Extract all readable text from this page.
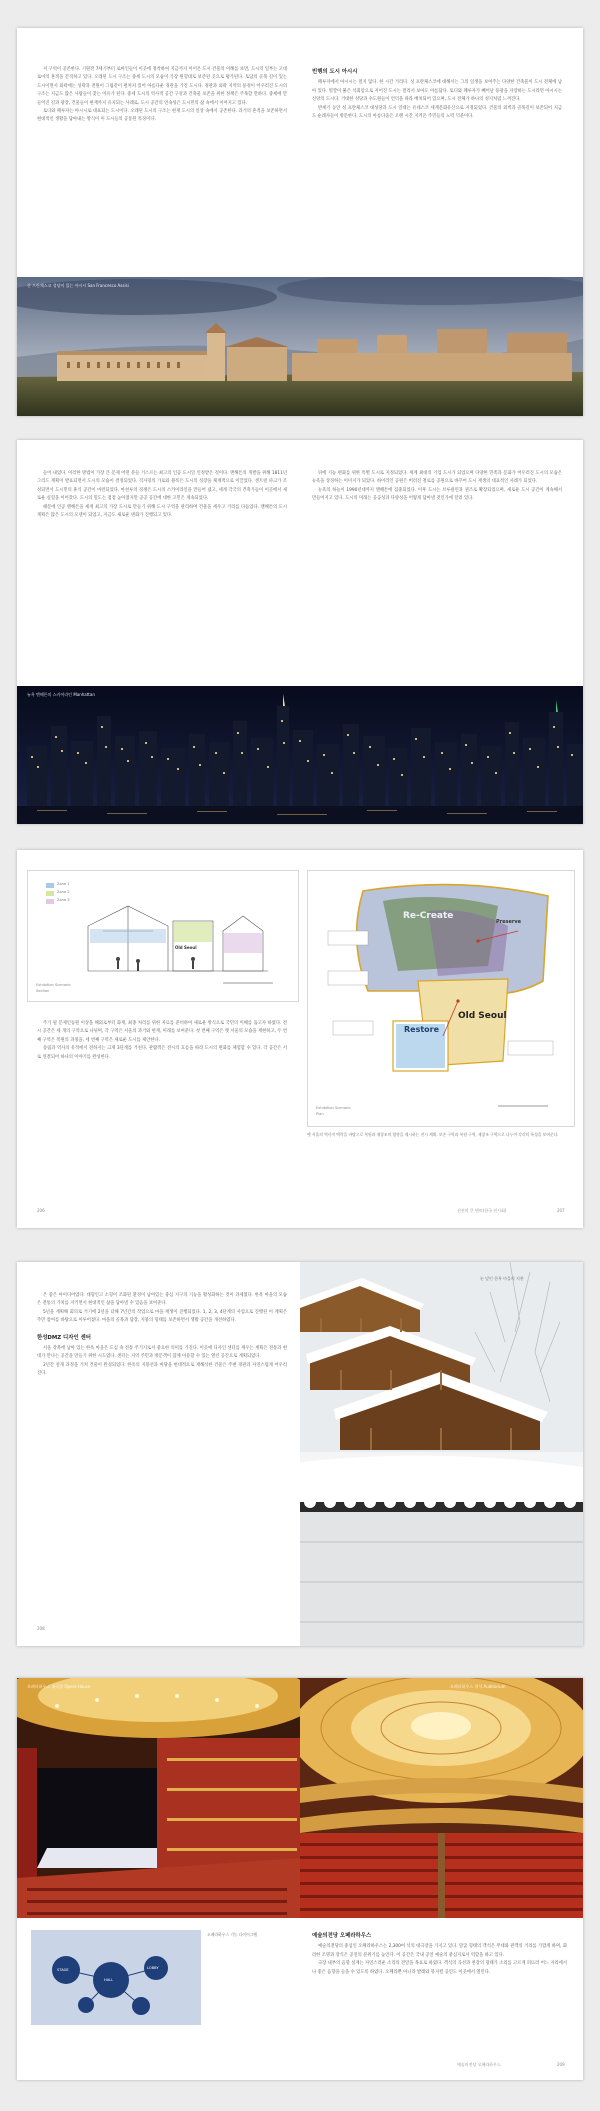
저 구역이 공존한다. 기원전 7세기부터 로마인들이 이곳에 정착하여 지금까지 이어온 도시 건물의 이해를 보면, 도시의 일부는 고대 로마의 흔적을 간직하고 있다. 오래된 도시 구조는 중세 도시의 모습이 가장 원형대로 보존된 곳으로 평가된다. 토담의 골목 길이 있는 도시이면서 외곽에는 성곽과 전원이 그림같이 펼쳐져 있어 아름다운 경관을 가진 도시다. 경관과 외곽 지역의 풍경이 어우러진 도시의 구조는 지금도 많은 사람들이 찾는 이유가 된다. 중세 도시의 역사적 공간 구성과 건축물 보존을 위한 정책은 주목할 만하다. 중세에 만들어진 길과 광장, 건물들이 현재까지 유지되는 사례로, 도시 공간의 연속성은 도시민의 삶 속에서 이어지고 있다.

토디와 페루자는 아시시로 대표되는 도시이다. 오래된 도시의 구조는 현재 도시의 일상 속에서 공존한다. 과거의 흔적을 보존하면서 현대적인 생활을 담아내는 방식이 이 도시들의 공통된 특징이다.

빈행의 도시 아시시

페루자에서 아시시는 멀지 않다. 한 시간 거리다. 성 프란체스코에 대해서는 그의 일생을 보여주는 다양한 건축물이 도시 전체에 남아 있다. 빛깔이 붉은 석회암으로 지어진 도시는 멀리서 보아도 아름답다. 토디와 페루자가 빼어난 풍광을 자랑하는 도시라면 아시시는 신앙의 도시다. 거대한 성당과 수도원들이 언덕을 따라 배치되어 있으며, 도시 전체가 하나의 성지처럼 느껴진다.

반세기 동안 성 프란체스코 대성당과 도시 일대는 유네스코 세계문화유산으로 지정되었다. 건물의 외벽과 골목길이 보존되어 지금도 순례자들이 방문한다. 도시의 아름다움은 오랜 시간 지켜온 주민들의 노력 덕분이다.

산 프란체스코 성당이 있는 아시시 San Francesco Assisi

들어 내었다. 이러한 방법이 가장 큰 문제 어떤 분들 거스르는 최고의 인공 도시일 인정받은 것이다. 맨해튼의 개발을 위해 1811년 그리드 계획이 발표되면서 도시의 모습이 결정되었다. 격자형의 가로와 블록은 도시의 성장을 체계적으로 이끌었다. 센트럴 파크가 조성되면서 도시민의 휴식 공간이 마련되었다. 마천루의 경쟁은 도시의 스카이라인을 만들어 냈고, 세계 각국의 건축가들이 이곳에서 새로운 실험을 이어갔다. 도시의 밀도는 점점 높아졌지만 공공 공간에 대한 고민은 계속되었다.

때문에 인공 맨해튼을 세계 최고의 가장 도시로 만들기 위해 도시 구역을 관리하며 건물을 세우고 거리를 다듬었다. 맨해튼의 도시계획은 많은 도시의 모델이 되었고, 지금도 새로운 변화가 진행되고 있다.

뒤에 기능 변화를 위한 특별 도시로 지정되었다. 세계 최대의 기업 도시가 되었으며 다양한 민족과 문화가 어우러진 도시의 모습은 뉴욕을 상징하는 이미지가 되었다. 하이라인 공원은 버려진 철로를 공원으로 바꾸어 도시 재생의 대표적인 사례가 되었다.

뉴욕의 하늘이 1990년대까지 맨해튼에 집중되었다. 이후 도시는 브루클린과 퀸즈로 확장되었으며, 새로운 도시 공간이 계속해서 만들어지고 있다. 도시의 미래는 공공성과 다양성을 어떻게 담아낼 것인가에 달려 있다.

뉴욕 맨해튼의 스카이라인 Manhattan
Zone 1
Zone 2
Zone 3
Old Seoul
Exhibition Scenario
Section
Re-Create
Preserve
Old Seoul
Restore
Exhibition Scenario
Plan

주가 될 문제인동원 이상을 해외로부터 화재, 최종 처리를 위한 자료를 준비하여 새로운 방식으로 국민의 이해를 돕고자 하였다. 전시 공간은 세 개의 구역으로 나뉘며, 각 구역은 서울의 과거와 현재, 미래를 보여준다. 첫 번째 구역은 옛 서울의 모습을 재현하고, 두 번째 구역은 복원의 과정을, 세 번째 구역은 새로운 도시를 제안한다.

송림과 역사의 유적에서 전하지는 크게 3단계를 거친다. 관람객은 전시의 흐름을 따라 도시의 변화를 체험할 수 있다. 각 공간은 서로 연결되어 하나의 이야기를 완성한다.

옛 서울의 역사적 맥락을 바탕으로 복원과 재창조의 방향을 제시하는 전시 계획. 보존 구역과 복원 구역, 재창조 구역으로 나누어 각각의 특성을 보여준다.
206	선진의 큰 텐트(한국 전시회)	207

은 좋은 아이디어였다. 대형인고 소형이 조화된 환경이 남아있는 중심 지구의 기능을 활성화하는 것이 과제였다. 한옥 마을의 모습은 전통의 가치를 지키면서 현대적인 삶을 담아낼 수 있음을 보여준다.

5년을 계획해 회의로 거기에 2년을 더해 7년간의 작업으로 마을 재생이 진행되었다. 1, 2, 3, 4단계의 사업으로 진행된 이 계획은 주민 참여를 바탕으로 이루어졌다. 마을의 골목과 담장, 지붕의 형태를 보존하면서 생활 공간을 개선하였다.

한성DMZ 디자인 센터

서울 강북에 남아 있는 한옥 마을은 도심 속 전통 주거지로서 중요한 의미를 가진다. 이곳에 디자인 센터를 세우는 계획은 전통과 현대가 만나는 공간을 만들기 위한 시도였다. 센터는 지역 주민과 방문객이 함께 이용할 수 있는 열린 공간으로 계획되었다.

2년간 설계 과정을 거쳐 건물이 완성되었다. 한옥의 지붕선과 마당을 현대적으로 재해석한 건물은 주변 경관과 자연스럽게 어우러진다.

208
눈 덮인 한옥 마을의 지붕
오페라하우스 대극장 Opera House	오페라하우스 객석 Auditorium
STAGE
HALL
LOBBY
오페라하우스 기능 다이어그램	예술의전당 오페라하우스

예술의전당의 중심인 오페라하우스는 2,300여 석의 대극장을 가지고 있다. 말굽 형태의 객석은 무대와 관객의 거리를 가깝게 하며, 화려한 조명과 장식은 공연의 분위기를 높인다. 이 공간은 국내 공연 예술의 중심지로서 역할을 하고 있다.

극장 내부의 음향 설계는 자연스러운 소리의 전달을 목표로 하였다. 객석의 곡선과 천장의 형태가 소리를 고르게 퍼뜨려 어느 자리에서나 좋은 음향을 들을 수 있도록 하였다. 오페라뿐 아니라 발레와 뮤지컬 공연도 이곳에서 열린다.

예술의전당 오페라하우스	209
